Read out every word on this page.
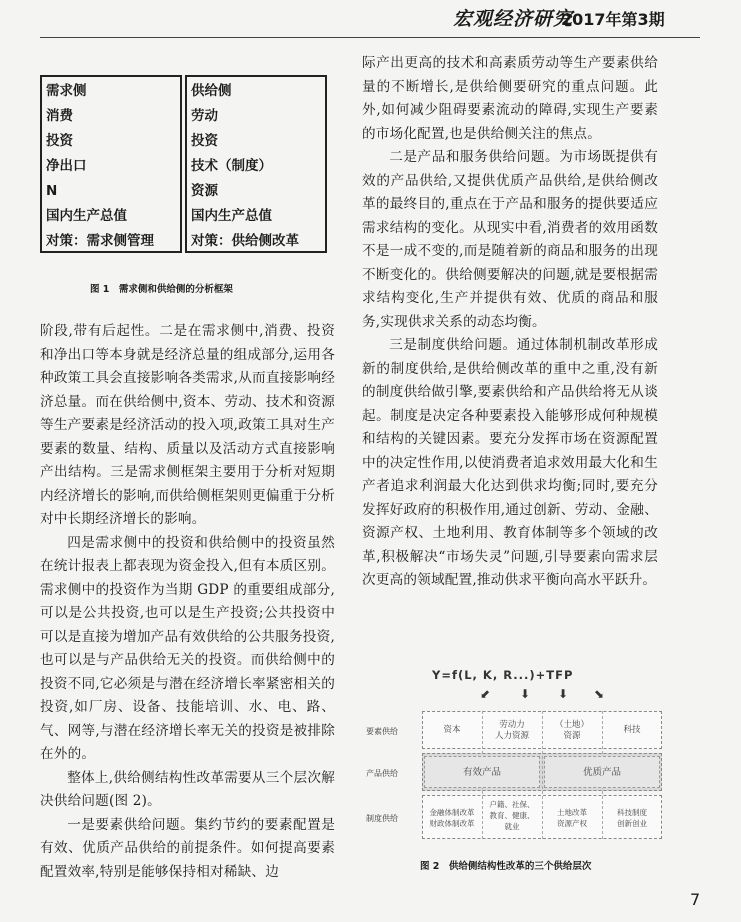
宏观经济研究
2017年第3期
需求侧
消费
投资
净出口
N
国内生产总值
对策：需求侧管理
供给侧
劳动
投资
技术（制度）
资源
国内生产总值
对策：供给侧改革
图 1　需求侧和供给侧的分析框架

阶段,带有后起性。二是在需求侧中,消费、投资和净出口等本身就是经济总量的组成部分,运用各种政策工具会直接影响各类需求,从而直接影响经济总量。而在供给侧中,资本、劳动、技术和资源等生产要素是经济活动的投入项,政策工具对生产要素的数量、结构、质量以及活动方式直接影响产出结构。三是需求侧框架主要用于分析对短期内经济增长的影响,而供给侧框架则更偏重于分析对中长期经济增长的影响。

四是需求侧中的投资和供给侧中的投资虽然在统计报表上都表现为资金投入,但有本质区别。需求侧中的投资作为当期 GDP 的重要组成部分,可以是公共投资,也可以是生产投资;公共投资中可以是直接为增加产品有效供给的公共服务投资,也可以是与产品供给无关的投资。而供给侧中的投资不同,它必须是与潜在经济增长率紧密相关的投资,如厂房、设备、技能培训、水、电、路、气、网等,与潜在经济增长率无关的投资是被排除在外的。

整体上,供给侧结构性改革需要从三个层次解决供给问题(图 2)。

一是要素供给问题。集约节约的要素配置是有效、优质产品供给的前提条件。如何提高要素配置效率,特别是能够保持相对稀缺、边

际产出更高的技术和高素质劳动等生产要素供给量的不断增长,是供给侧要研究的重点问题。此外,如何减少阻碍要素流动的障碍,实现生产要素的市场化配置,也是供给侧关注的焦点。

二是产品和服务供给问题。为市场既提供有效的产品供给,又提供优质产品供给,是供给侧改革的最终目的,重点在于产品和服务的提供要适应需求结构的变化。从现实中看,消费者的效用函数不是一成不变的,而是随着新的商品和服务的出现不断变化的。供给侧要解决的问题,就是要根据需求结构变化,生产并提供有效、优质的商品和服务,实现供求关系的动态均衡。

三是制度供给问题。通过体制机制改革形成新的制度供给,是供给侧改革的重中之重,没有新的制度供给做引擎,要素供给和产品供给将无从谈起。制度是决定各种要素投入能够形成何种规模和结构的关键因素。要充分发挥市场在资源配置中的决定性作用,以使消费者追求效用最大化和生产者追求利润最大化达到供求均衡;同时,要充分发挥好政府的积极作用,通过创新、劳动、金融、资源产权、土地利用、教育体制等多个领域的改革,积极解决“市场失灵”问题,引导要素向需求层次更高的领域配置,推动供求平衡向高水平跃升。

Y=f(L, K, R...)+TFP
⬋ ⬇ ⬇ ⬊
要素供给
产品供给
制度供给
资本	劳动力
人力资源
（土地）
资源
科技
有效产品	优质产品
金融体制改革
财政体制改革
户籍、社保、
教育、健康、
就业
土地改革
资源产权
科技制度
创新创业
图 2　供给侧结构性改革的三个供给层次
7
